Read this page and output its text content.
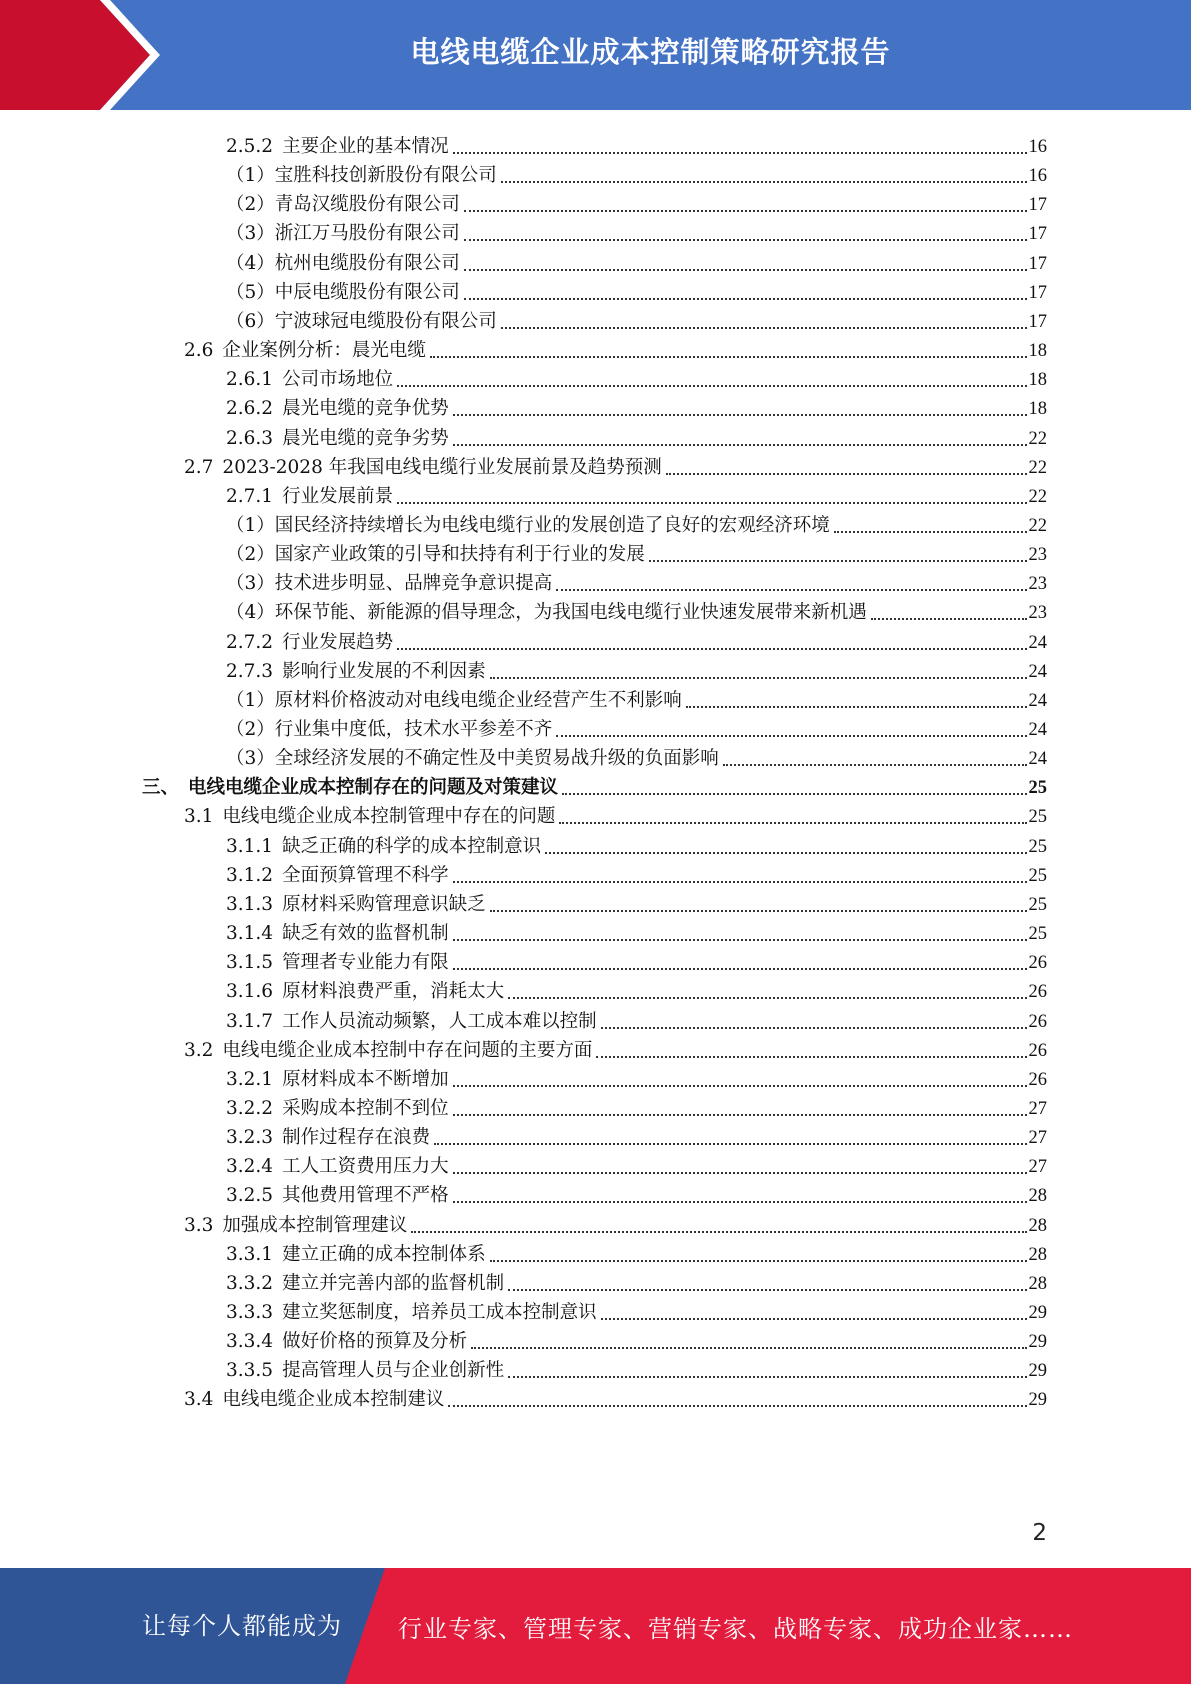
电线电缆企业成本控制策略研究报告
2.5.2 主要企业的基本情况	16
（1） 宝胜科技创新股份有限公司	16
（2） 青岛汉缆股份有限公司	17
（3） 浙江万马股份有限公司	17
（4） 杭州电缆股份有限公司	17
（5） 中辰电缆股份有限公司	17
（6） 宁波球冠电缆股份有限公司	17
2.6 企业案例分析：晨光电缆	18
2.6.1 公司市场地位	18
2.6.2 晨光电缆的竞争优势	18
2.6.3 晨光电缆的竞争劣势	22
2.7 2023-2028 年我国电线电缆行业发展前景及趋势预测	22
2.7.1 行业发展前景	22
（1） 国民经济持续增长为电线电缆行业的发展创造了良好的宏观经济环境	22
（2） 国家产业政策的引导和扶持有利于行业的发展	23
（3） 技术进步明显、品牌竞争意识提高	23
（4） 环保节能、新能源的倡导理念，为我国电线电缆行业快速发展带来新机遇	23
2.7.2 行业发展趋势	24
2.7.3 影响行业发展的不利因素	24
（1） 原材料价格波动对电线电缆企业经营产生不利影响	24
（2） 行业集中度低，技术水平参差不齐	24
（3） 全球经济发展的不确定性及中美贸易战升级的负面影响	24
三、 电线电缆企业成本控制存在的问题及对策建议	25
3.1 电线电缆企业成本控制管理中存在的问题	25
3.1.1 缺乏正确的科学的成本控制意识	25
3.1.2 全面预算管理不科学	25
3.1.3 原材料采购管理意识缺乏	25
3.1.4 缺乏有效的监督机制	25
3.1.5 管理者专业能力有限	26
3.1.6 原材料浪费严重，消耗太大	26
3.1.7 工作人员流动频繁，人工成本难以控制	26
3.2 电线电缆企业成本控制中存在问题的主要方面	26
3.2.1 原材料成本不断增加	26
3.2.2 采购成本控制不到位	27
3.2.3 制作过程存在浪费	27
3.2.4 工人工资费用压力大	27
3.2.5 其他费用管理不严格	28
3.3 加强成本控制管理建议	28
3.3.1 建立正确的成本控制体系	28
3.3.2 建立并完善内部的监督机制	28
3.3.3 建立奖惩制度，培养员工成本控制意识	29
3.3.4 做好价格的预算及分析	29
3.3.5 提高管理人员与企业创新性	29
3.4 电线电缆企业成本控制建议	29
2
让每个人都能成为 行业专家、管理专家、营销专家、战略专家、成功企业家……
